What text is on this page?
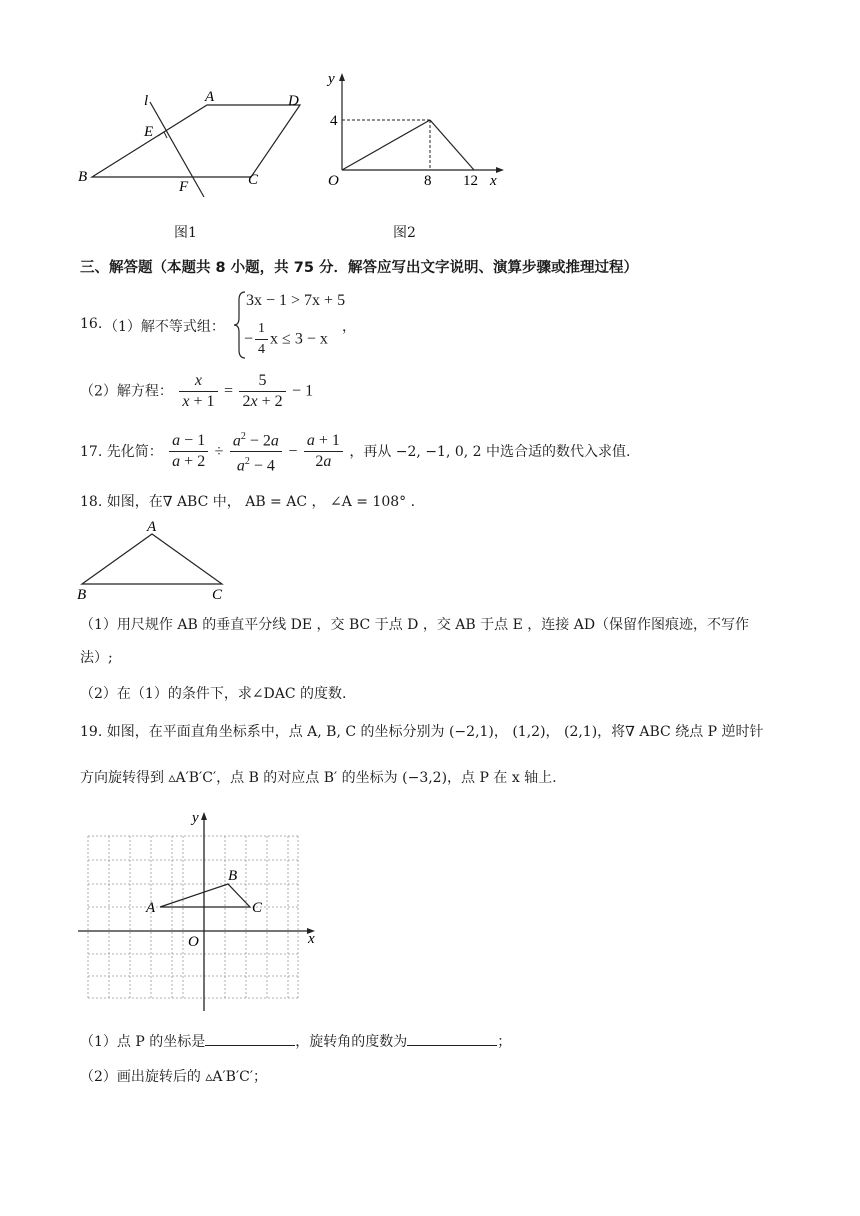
l	A	D
E
B
F	C
图1
y
x
O
4
8 12
图2
三、解答题（本题共 8 小题，共 75 分．解答应写出文字说明、演算步骤或推理过程）
16. （1）解不等式组：
3x − 1 > 7x + 5
− $\frac{1}{4}$ x ≤ 3 − x
，
（2）解方程： $\frac{x}{x + 1} = \frac{5}{2x + 2} - 1$
17. 先化简： $\frac{a - 1}{a + 2} \div \frac{a^2 - 2a}{a^2 - 4} - \frac{a + 1}{2a}$ ，再从 −2, −1, 0, 2 中选合适的数代入求值.
18. 如图，在∇ ABC 中， AB = AC ， ∠A = 108° .
A
B	C
（1）用尺规作 AB 的垂直平分线 DE ，交 BC 于点 D ，交 AB 于点 E ，连接 AD（保留作图痕迹，不写作
法）;
（2）在（1）的条件下，求∠DAC 的度数.
19. 如图，在平面直角坐标系中，点 A, B, C 的坐标分别为 (−2,1)， (1,2)， (2,1)，将∇ ABC 绕点 P 逆时针
方向旋转得到 ▵A′B′C′，点 B 的对应点 B′ 的坐标为 (−3,2)，点 P 在 x 轴上.
y
x
O
A
B
C
（1）点 P 的坐标是	，旋转角的度数为	；
（2）画出旋转后的 ▵A′B′C′；
